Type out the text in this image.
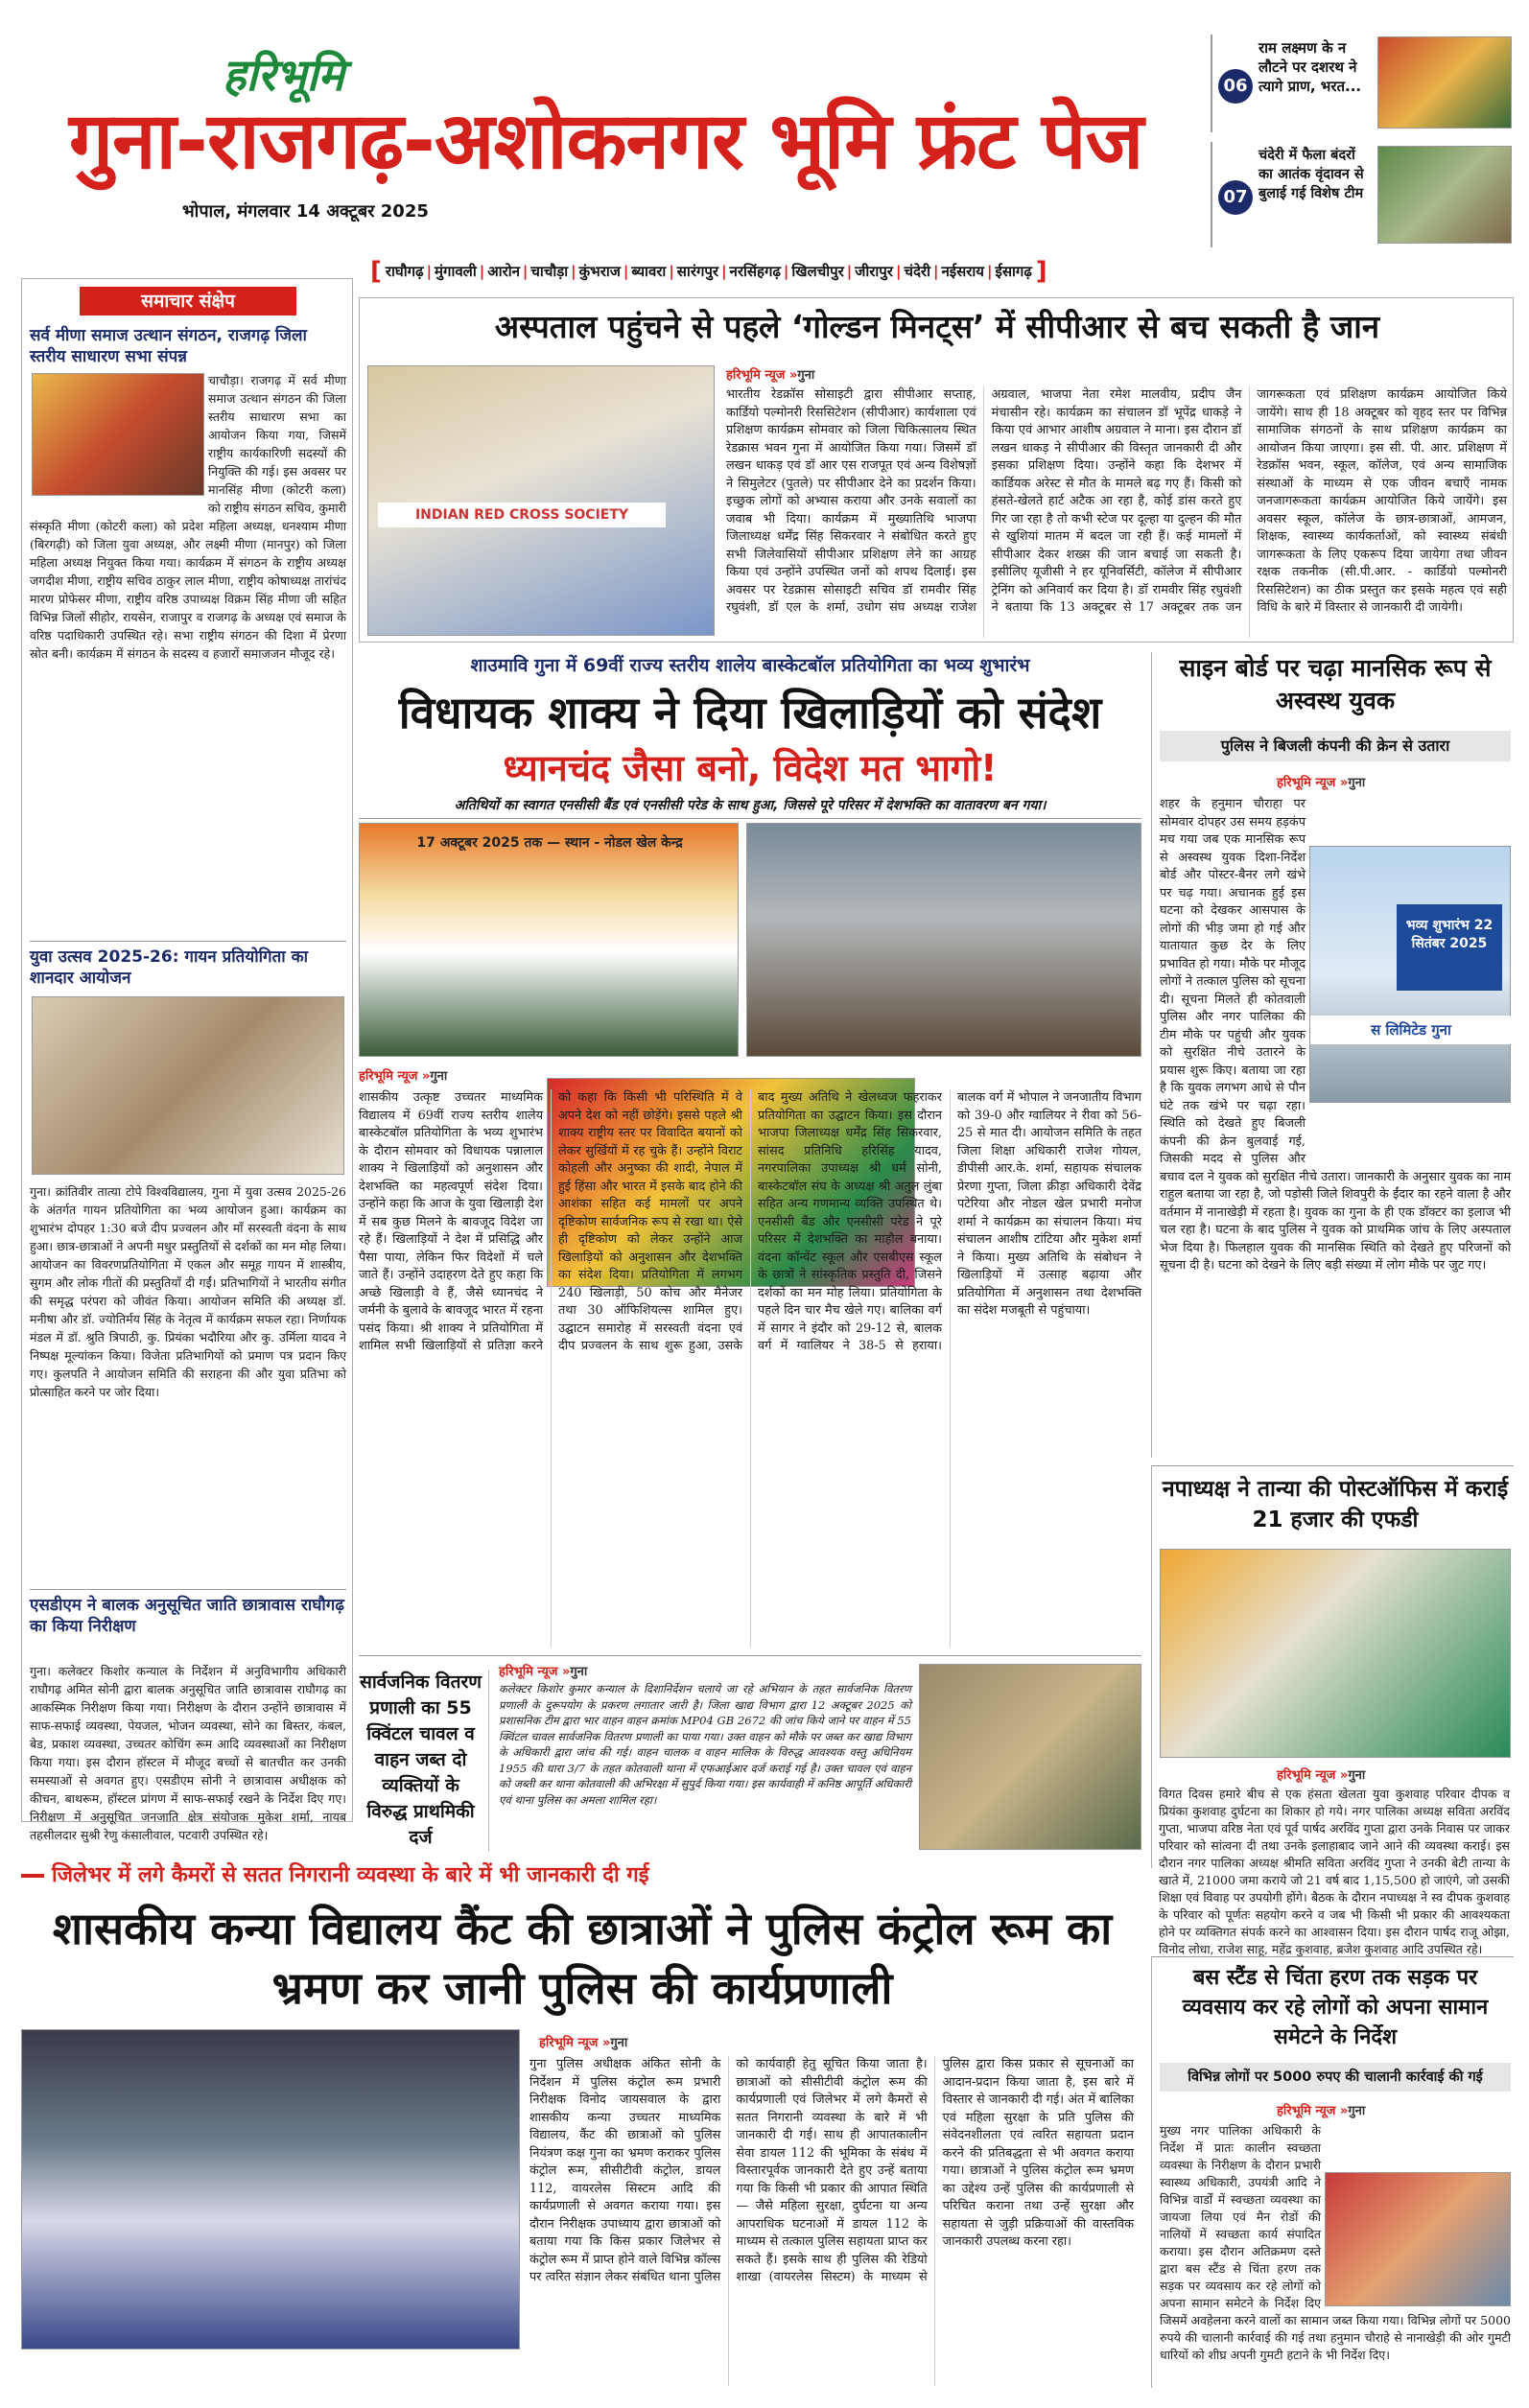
हरिभूमि
गुना-राजगढ़-अशोकनगर भूमि फ्रंट पेज
भोपाल, मंगलवार 14 अक्टूबर 2025
06
राम लक्ष्मण के न लौटने पर दशरथ ने त्यागे प्राण, भरत...
07
चंदेरी में फैला बंदरों का आतंक वृंदावन से बुलाई गई विशेष टीम
[ राघौगढ़ | मुंगावली | आरोन | चाचौड़ा | कुंभराज | ब्यावरा | सारंगपुर | नरसिंहगढ़ | खिलचीपुर | जीरापुर | चंदेरी | नईसराय | ईसागढ़ ]
समाचार संक्षेप
सर्व मीणा समाज उत्थान संगठन, राजगढ़ जिला स्तरीय साधारण सभा संपन्न
चाचौड़ा। राजगढ़ में सर्व मीणा समाज उत्थान संगठन की जिला स्तरीय साधारण सभा का आयोजन किया गया, जिसमें राष्ट्रीय कार्यकारिणी सदस्यों की नियुक्ति की गई। इस अवसर पर मानसिंह मीणा (कोटरी कला) को राष्ट्रीय संगठन सचिव, कुमारी संस्कृति मीणा (कोटरी कला) को प्रदेश महिला अध्यक्ष, धनश्याम मीणा (बिरगढ़ी) को जिला युवा अध्यक्ष, और लक्ष्मी मीणा (मानपुर) को जिला महिला अध्यक्ष नियुक्त किया गया। कार्यक्रम में संगठन के राष्ट्रीय अध्यक्ष जगदीश मीणा, राष्ट्रीय सचिव ठाकुर लाल मीणा, राष्ट्रीय कोषाध्यक्ष तारांचंद मारण प्रोफेसर मीणा, राष्ट्रीय वरिष्ठ उपाध्यक्ष विक्रम सिंह मीणा जी सहित विभिन्न जिलों सीहोर, रायसेन, राजापुर व राजगढ़ के अध्यक्ष एवं समाज के वरिष्ठ पदाधिकारी उपस्थित रहे। सभा राष्ट्रीय संगठन की दिशा में प्रेरणा स्रोत बनी। कार्यक्रम में संगठन के सदस्य व हजारों समाजजन मौजूद रहे।
युवा उत्सव 2025-26: गायन प्रतियोगिता का शानदार आयोजन
गुना। क्रांतिवीर तात्या टोपे विश्वविद्यालय, गुना में युवा उत्सव 2025-26 के अंतर्गत गायन प्रतियोगिता का भव्य आयोजन हुआ। कार्यक्रम का शुभारंभ दोपहर 1:30 बजे दीप प्रज्वलन और माँ सरस्वती वंदना के साथ हुआ। छात्र-छात्राओं ने अपनी मधुर प्रस्तुतियों से दर्शकों का मन मोह लिया। आयोजन का विवरणप्रतियोगिता में एकल और समूह गायन में शास्त्रीय, सुगम और लोक गीतों की प्रस्तुतियाँ दी गईं। प्रतिभागियों ने भारतीय संगीत की समृद्ध परंपरा को जीवंत किया। आयोजन समिति की अध्यक्ष डॉ. मनीषा और डॉ. ज्योतिर्मय सिंह के नेतृत्व में कार्यक्रम सफल रहा। निर्णायक मंडल में डॉ. श्रुति त्रिपाठी, कु. प्रियंका भदौरिया और कु. उर्मिला यादव ने निष्पक्ष मूल्यांकन किया। विजेता प्रतिभागियों को प्रमाण पत्र प्रदान किए गए। कुलपति ने आयोजन समिति की सराहना की और युवा प्रतिभा को प्रोत्साहित करने पर जोर दिया।
एसडीएम ने बालक अनुसूचित जाति छात्रावास राघौगढ़ का किया निरीक्षण
गुना। कलेक्टर किशोर कन्याल के निर्देशन में अनुविभागीय अधिकारी राघौगढ़ अमित सोनी द्वारा बालक अनुसूचित जाति छात्रावास राघौगढ़ का आकस्मिक निरीक्षण किया गया। निरीक्षण के दौरान उन्होंने छात्रावास में साफ-सफाई व्यवस्था, पेयजल, भोजन व्यवस्था, सोने का बिस्तर, कंबल, बेड, प्रकाश व्यवस्था, उच्चतर कोचिंग रूम आदि व्यवस्थाओं का निरीक्षण किया गया। इस दौरान हॉस्टल में मौजूद बच्चों से बातचीत कर उनकी समस्याओं से अवगत हुए। एसडीएम सोनी ने छात्रावास अधीक्षक को कीचन, बाथरूम, हॉस्टल प्रांगण में साफ-सफाई रखने के निर्देश दिए गए। निरीक्षण में अनुसूचित जनजाति क्षेत्र संयोजक मुकेश शर्मा, नायब तहसीलदार सुश्री रेणु कंसालीवाल, पटवारी उपस्थित रहे।
अस्पताल पहुंचने से पहले ‘गोल्डन मिनट्स’ में सीपीआर से बच सकती है जान
INDIAN RED CROSS SOCIETY
हरिभूमि न्यूज »गुना
भारतीय रेडक्रॉस सोसाइटी द्वारा सीपीआर सप्ताह, कार्डियो पल्मोनरी रिससिटेशन (सीपीआर) कार्यशाला एवं प्रशिक्षण कार्यक्रम सोमवार को जिला चिकित्सालय स्थित रेडक्रास भवन गुना में आयोजित किया गया। जिसमें डॉ लखन धाकड़ एवं डॉ आर एस राजपूत एवं अन्य विशेषज्ञों ने सिमुलेटर (पुतले) पर सीपीआर देने का प्रदर्शन किया। इच्छुक लोगों को अभ्यास कराया और उनके सवालों का जवाब भी दिया। कार्यक्रम में मुख्यातिथि भाजपा जिलाध्यक्ष धर्मेंद्र सिंह सिकरवार ने संबोधित करते हुए सभी जिलेवासियों सीपीआर प्रशिक्षण लेने का आग्रह किया एवं उन्होंने उपस्थित जनों को शपथ दिलाई। इस अवसर पर रेडक्रास सोसाइटी सचिव डॉ रामवीर सिंह रघुवंशी, डॉ एल के शर्मा, उधोग संघ अध्यक्ष राजेश अग्रवाल, भाजपा नेता रमेश मालवीय, प्रदीप जैन मंचासीन रहे। कार्यक्रम का संचालन डॉ भूपेंद्र धाकड़े ने किया एवं आभार आशीष अग्रवाल ने माना। इस दौरान डॉ लखन धाकड़ ने सीपीआर की विस्तृत जानकारी दी और इसका प्रशिक्षण दिया। उन्होंने कहा कि देशभर में कार्डियक अरेस्ट से मौत के मामले बढ़ गए हैं। किसी को हंसते-खेलते हार्ट अटैक आ रहा है, कोई डांस करते हुए गिर जा रहा है तो कभी स्टेज पर दूल्हा या दुल्हन की मौत से खुशियां मातम में बदल जा रही हैं। कई मामलों में सीपीआर देकर शख्स की जान बचाई जा सकती है। इसीलिए यूजीसी ने हर यूनिवर्सिटी, कॉलेज में सीपीआर ट्रेनिंग को अनिवार्य कर दिया है। डॉ रामवीर सिंह रघुवंशी ने बताया कि 13 अक्टूबर से 17 अक्टूबर तक जन जागरूकता एवं प्रशिक्षण कार्यक्रम आयोजित किये जायेंगे। साथ ही 18 अक्टूबर को वृहद स्तर पर विभिन्न सामाजिक संगठनों के साथ प्रशिक्षण कार्यक्रम का आयोजन किया जाएगा। इस सी. पी. आर. प्रशिक्षण में रेडक्रॉस भवन, स्कूल, कॉलेज, एवं अन्य सामाजिक संस्थाओं के माध्यम से एक जीवन बचाएँ नामक जनजागरूकता कार्यक्रम आयोजित किये जायेंगे। इस अवसर स्कूल, कॉलेज के छात्र-छात्राओं, आमजन, शिक्षक, स्वास्थ्य कार्यकर्ताओं, को स्वास्थ्य संबंधी जागरूकता के लिए एकरूप दिया जायेगा तथा जीवन रक्षक तकनीक (सी.पी.आर. - कार्डियो पल्मोनरी रिससिटेशन) का ठीक प्रस्तुत कर इसके महत्व एवं सही विधि के बारे में विस्तार से जानकारी दी जायेगी।
शाउमावि गुना में 69वीं राज्य स्तरीय शालेय बास्केटबॉल प्रतियोगिता का भव्य शुभारंभ
विधायक शाक्य ने दिया खिलाड़ियों को संदेश
ध्यानचंद जैसा बनो, विदेश मत भागो!
अतिथियों का स्वागत एनसीसी बैंड एवं एनसीसी परेड के साथ हुआ, जिससे पूरे परिसर में देशभक्ति का वातावरण बन गया।
17 अक्टूबर 2025 तक — स्थान - नोडल खेल केन्द्र
हरिभूमि न्यूज »गुना
शासकीय उत्कृष्ट उच्चतर माध्यमिक विद्यालय में 69वीं राज्य स्तरीय शालेय बास्केटबॉल प्रतियोगिता के भव्य शुभारंभ के दौरान सोमवार को विधायक पन्नालाल शाक्य ने खिलाड़ियों को अनुशासन और देशभक्ति का महत्वपूर्ण संदेश दिया। उन्होंने कहा कि आज के युवा खिलाड़ी देश में सब कुछ मिलने के बावजूद विदेश जा रहे हैं। खिलाड़ियों ने देश में प्रसिद्धि और पैसा पाया, लेकिन फिर विदेशों में चले जाते हैं। उन्होंने उदाहरण देते हुए कहा कि अच्छे खिलाड़ी वे हैं, जैसे ध्यानचंद ने जर्मनी के बुलावे के बावजूद भारत में रहना पसंद किया। श्री शाक्य ने प्रतियोगिता में शामिल सभी खिलाड़ियों से प्रतिज्ञा करने को कहा कि किसी भी परिस्थिति में वे अपने देश को नहीं छोड़ेंगे। इससे पहले श्री शाक्य राष्ट्रीय स्तर पर विवादित बयानों को लेकर सुर्खियों में रह चुके हैं। उन्होंने विराट कोहली और अनुष्का की शादी, नेपाल में हुई हिंसा और भारत में इसके बाद होने की आशंका सहित कई मामलों पर अपने दृष्टिकोण सार्वजनिक रूप से रखा था। ऐसे ही दृष्टिकोण को लेकर उन्होंने आज खिलाड़ियों को अनुशासन और देशभक्ति का संदेश दिया। प्रतियोगिता में लगभग 240 खिलाड़ी, 50 कोच और मैनेजर तथा 30 ऑफिशियल्स शामिल हुए। उद्घाटन समारोह में सरस्वती वंदना एवं दीप प्रज्वलन के साथ शुरू हुआ, उसके बाद मुख्य अतिथि ने खेलध्वज फहराकर प्रतियोगिता का उद्घाटन किया। इस दौरान भाजपा जिलाध्यक्ष धर्मेंद्र सिंह सिकरवार, सांसद प्रतिनिधि हरिसिंह यादव, नगरपालिका उपाध्यक्ष श्री धर्म सोनी, बास्केटबॉल संघ के अध्यक्ष श्री अतुल लुंबा सहित अन्य गणमान्य व्यक्ति उपस्थित थे। एनसीसी बैंड और एनसीसी परेड ने पूरे परिसर में देशभक्ति का माहौल बनाया। वंदना कॉन्वेंट स्कूल और एसबीएस स्कूल के छात्रों ने सांस्कृतिक प्रस्तुति दी, जिसने दर्शकों का मन मोह लिया। प्रतियोगिता के पहले दिन चार मैच खेले गए। बालिका वर्ग में सागर ने इंदौर को 29-12 से, बालक वर्ग में ग्वालियर ने 38-5 से हराया। बालक वर्ग में भोपाल ने जनजातीय विभाग को 39-0 और ग्वालियर ने रीवा को 56-25 से मात दी। आयोजन समिति के तहत जिला शिक्षा अधिकारी राजेश गोयल, डीपीसी आर.के. शर्मा, सहायक संचालक प्रेरणा गुप्ता, जिला क्रीड़ा अधिकारी देवेंद्र पटेरिया और नोडल खेल प्रभारी मनोज शर्मा ने कार्यक्रम का संचालन किया। मंच संचालन आशीष टांटिया और मुकेश शर्मा ने किया। मुख्य अतिथि के संबोधन ने खिलाड़ियों में उत्साह बढ़ाया और प्रतियोगिता में अनुशासन तथा देशभक्ति का संदेश मजबूती से पहुंचाया।
साइन बोर्ड पर चढ़ा मानसिक रूप से अस्वस्थ युवक
पुलिस ने बिजली कंपनी की क्रेन से उतारा
हरिभूमि न्यूज »गुना
भव्य शुभारंभ 22 सितंबर 2025
स लिमिटेड गुना
शहर के हनुमान चौराहा पर सोमवार दोपहर उस समय हड़कंप मच गया जब एक मानसिक रूप से अस्वस्थ युवक दिशा-निर्देश बोर्ड और पोस्टर-बैनर लगे खंभे पर चढ़ गया। अचानक हुई इस घटना को देखकर आसपास के लोगों की भीड़ जमा हो गई और यातायात कुछ देर के लिए प्रभावित हो गया। मौके पर मौजूद लोगों ने तत्काल पुलिस को सूचना दी। सूचना मिलते ही कोतवाली पुलिस और नगर पालिका की टीम मौके पर पहुंची और युवक को सुरक्षित नीचे उतारने के प्रयास शुरू किए। बताया जा रहा है कि युवक लगभग आधे से पौन घंटे तक खंभे पर चढ़ा रहा। स्थिति को देखते हुए बिजली कंपनी की क्रेन बुलवाई गई, जिसकी मदद से पुलिस और बचाव दल ने युवक को सुरक्षित नीचे उतारा। जानकारी के अनुसार युवक का नाम राहुल बताया जा रहा है, जो पड़ोसी जिले शिवपुरी के ईंदार का रहने वाला है और वर्तमान में नानाखेड़ी में रहता है। युवक का गुना के ही एक डॉक्टर का इलाज भी चल रहा है। घटना के बाद पुलिस ने युवक को प्राथमिक जांच के लिए अस्पताल भेज दिया है। फिलहाल युवक की मानसिक स्थिति को देखते हुए परिजनों को सूचना दी है। घटना को देखने के लिए बड़ी संख्या में लोग मौके पर जुट गए।
नपाध्यक्ष ने तान्या की पोस्टऑफिस में कराई 21 हजार की एफडी
हरिभूमि न्यूज »गुना
विगत दिवस हमारे बीच से एक हंसता खेलता युवा कुशवाह परिवार दीपक व प्रियंका कुशवाह दुर्घटना का शिकार हो गये। नगर पालिका अध्यक्ष सविता अरविंद गुप्ता, भाजपा वरिष्ठ नेता एवं पूर्व पार्षद अरविंद गुप्ता द्वारा उनके निवास पर जाकर परिवार को सांत्वना दी तथा उनके इलाहाबाद जाने आने की व्यवस्था कराई। इस दौरान नगर पालिका अध्यक्ष श्रीमति सविता अरविंद गुप्ता ने उनकी बेटी तान्या के खाते में, 21000 जमा कराये जो 21 वर्ष बाद 1,15,500 हो जाएंगे, जो उसकी शिक्षा एवं विवाह पर उपयोगी होंगे। बैठक के दौरान नपाध्यक्ष ने स्व दीपक कुशवाह के परिवार को पूर्णतः सहयोग करने व जब भी किसी भी प्रकार की आवश्यकता होने पर व्यक्तिगत संपर्क करने का आश्वासन दिया। इस दौरान पार्षद राजू ओझा, विनोद लोधा, राजेश साहू, महेंद्र कुशवाह, ब्रजेश कुशवाह आदि उपस्थित रहे।
सार्वजनिक वितरण प्रणाली का 55 क्विंटल चावल व वाहन जब्त दो व्यक्तियों के विरुद्ध प्राथमिकी दर्ज
हरिभूमि न्यूज »गुना
कलेक्टर किशोर कुमार कन्याल के दिशानिर्देशन चलाये जा रहे अभियान के तहत सार्वजनिक वितरण प्रणाली के दुरूपयोग के प्रकरण लगातार जारी है। जिला खाद्य विभाग द्वारा 12 अक्टूबर 2025 को प्रशासनिक टीम द्वारा भार वाहन वाहन क्रमांक MP04 GB 2672 की जांच किये जाने पर वाहन में 55 क्विंटल चावल सार्वजनिक वितरण प्रणाली का पाया गया। उक्त वाहन को मौके पर जब्त कर खाद्य विभाग के अधिकारी द्वारा जांच की गई। वाहन चालक व वाहन मालिक के विरुद्ध आवश्यक वस्तु अधिनियम 1955 की धारा 3/7 के तहत कोतवाली थाना में एफआईआर दर्ज कराई गई है। उक्त चावल एवं वाहन को जब्ती कर थाना कोतवाली की अभिरक्षा में सुपुर्द किया गया। इस कार्यवाही में कनिष्ठ आपूर्ति अधिकारी एवं थाना पुलिस का अमला शामिल रहा।
जिलेभर में लगे कैमरों से सतत निगरानी व्यवस्था के बारे में भी जानकारी दी गई
शासकीय कन्या विद्यालय कैंट की छात्राओं ने पुलिस कंट्रोल रूम का भ्रमण कर जानी पुलिस की कार्यप्रणाली
हरिभूमि न्यूज »गुना
गुना पुलिस अधीक्षक अंकित सोनी के निर्देशन में पुलिस कंट्रोल रूम प्रभारी निरीक्षक विनोद जायसवाल के द्वारा शासकीय कन्या उच्चतर माध्यमिक विद्यालय, कैंट की छात्राओं को पुलिस नियंत्रण कक्ष गुना का भ्रमण कराकर पुलिस कंट्रोल रूम, सीसीटीवी कंट्रोल, डायल 112, वायरलेस सिस्टम आदि की कार्यप्रणाली से अवगत कराया गया। इस दौरान निरीक्षक उपाध्याय द्वारा छात्राओं को बताया गया कि किस प्रकार जिलेभर से कंट्रोल रूम में प्राप्त होने वाले विभिन्न कॉल्स पर त्वरित संज्ञान लेकर संबंधित थाना पुलिस को कार्यवाही हेतु सूचित किया जाता है। छात्राओं को सीसीटीवी कंट्रोल रूम की कार्यप्रणाली एवं जिलेभर में लगे कैमरों से सतत निगरानी व्यवस्था के बारे में भी जानकारी दी गई। साथ ही आपातकालीन सेवा डायल 112 की भूमिका के संबंध में विस्तारपूर्वक जानकारी देते हुए उन्हें बताया गया कि किसी भी प्रकार की आपात स्थिति — जैसे महिला सुरक्षा, दुर्घटना या अन्य आपराधिक घटनाओं में डायल 112 के माध्यम से तत्काल पुलिस सहायता प्राप्त कर सकते हैं। इसके साथ ही पुलिस की रेडियो शाखा (वायरलेस सिस्टम) के माध्यम से पुलिस द्वारा किस प्रकार से सूचनाओं का आदान-प्रदान किया जाता है, इस बारे में विस्तार से जानकारी दी गई। अंत में बालिका एवं महिला सुरक्षा के प्रति पुलिस की संवेदनशीलता एवं त्वरित सहायता प्रदान करने की प्रतिबद्धता से भी अवगत कराया गया। छात्राओं ने पुलिस कंट्रोल रूम भ्रमण का उद्देश्य उन्हें पुलिस की कार्यप्रणाली से परिचित कराना तथा उन्हें सुरक्षा और सहायता से जुड़ी प्रक्रियाओं की वास्तविक जानकारी उपलब्ध करना रहा।
बस स्टैंड से चिंता हरण तक सड़क पर व्यवसाय कर रहे लोगों को अपना सामान समेटने के निर्देश
विभिन्न लोगों पर 5000 रुपए की चालानी कार्रवाई की गई
हरिभूमि न्यूज »गुना
मुख्य नगर पालिका अधिकारी के निर्देश में प्रातः कालीन स्वच्छता व्यवस्था के निरीक्षण के दौरान प्रभारी स्वास्थ्य अधिकारी, उपयंत्री आदि ने विभिन्न वार्डों में स्वच्छता व्यवस्था का जायजा लिया एवं मैन रोडों की नालियों में स्वच्छता कार्य संपादित कराया। इस दौरान अतिक्रमण दस्ते द्वारा बस स्टैंड से चिंता हरण तक सड़क पर व्यवसाय कर रहे लोगों को अपना सामान समेटने के निर्देश दिए जिसमें अवहेलना करने वालों का सामान जब्त किया गया। विभिन्न लोगों पर 5000 रुपये की चालानी कार्रवाई की गई तथा हनुमान चौराहे से नानाखेड़ी की ओर गुमटी धारियों को शीघ्र अपनी गुमटी हटाने के भी निर्देश दिए।
